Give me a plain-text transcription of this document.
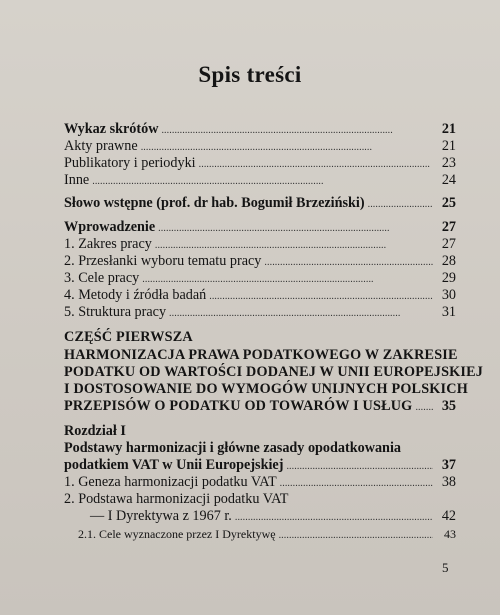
Spis treści
Wykaz skrótów . . .	21
Akty prawne . . .	21
Publikatory i periodyki . . .	23
Inne . . .	24
Słowo wstępne (prof. dr hab. Bogumił Brzeziński) . . .	25
Wprowadzenie . . .	27
1. Zakres pracy . . .	27
2. Przesłanki wyboru tematu pracy . . .	28
3. Cele pracy . . .	29
4. Metody i źródła badań . . .	30
5. Struktura pracy . . .	31
CZĘŚĆ PIERWSZA
HARMONIZACJA PRAWA PODATKOWEGO W ZAKRESIE
PODATKU OD WARTOŚCI DODANEJ W UNII EUROPEJSKIEJ
I DOSTOSOWANIE DO WYMOGÓW UNIJNYCH POLSKICH
PRZEPISÓW O PODATKU OD TOWARÓW I USŁUG . . .	35
Rozdział I
Podstawy harmonizacji i główne zasady opodatkowania
podatkiem VAT w Unii Europejskiej . . .	37
1. Geneza harmonizacji podatku VAT . . .	38
2. Podstawa harmonizacji podatku VAT
— I Dyrektywa z 1967 r. . . .	42
2.1. Cele wyznaczone przez I Dyrektywę . . .	43
5
